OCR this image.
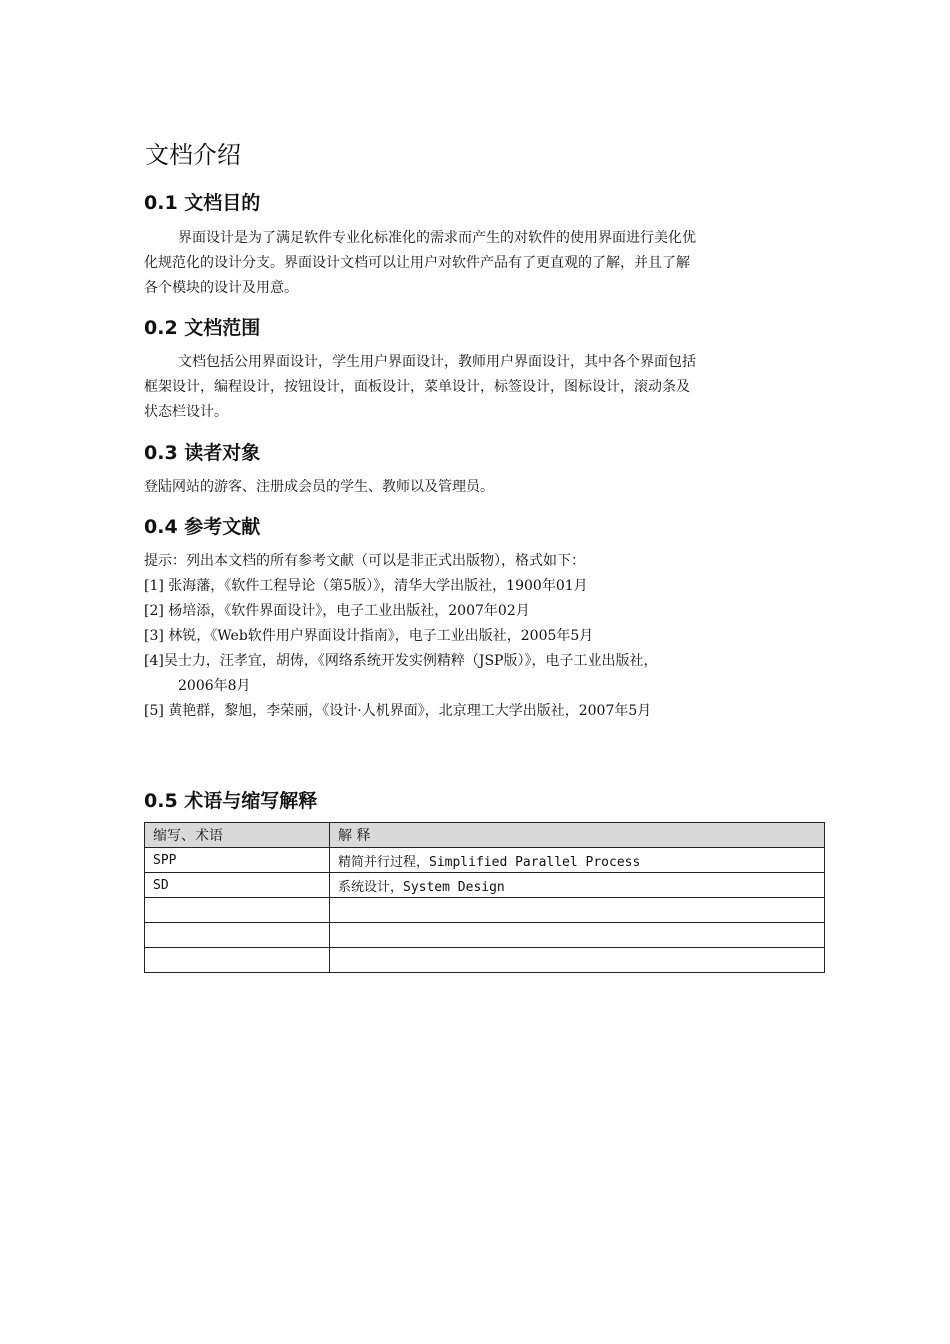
文档介绍
0.1 文档目的

界面设计是为了满足软件专业化标准化的需求而产生的对软件的使用界面进行美化优

化规范化的设计分支。界面设计文档可以让用户对软件产品有了更直观的了解，并且了解

各个模块的设计及用意。

0.2 文档范围

文档包括公用界面设计，学生用户界面设计，教师用户界面设计，其中各个界面包括

框架设计，编程设计，按钮设计，面板设计，菜单设计，标签设计，图标设计，滚动条及

状态栏设计。

0.3 读者对象

登陆网站的游客、注册成会员的学生、教师以及管理员。

0.4 参考文献

提示：列出本文档的所有参考文献（可以是非正式出版物），格式如下：

[1] 张海藩，《软件工程导论（第5版）》，清华大学出版社，1900年01月

[2] 杨培添，《软件界面设计》，电子工业出版社，2007年02月

[3] 林锐，《Web软件用户界面设计指南》，电子工业出版社，2005年5月

[4]吴士力，汪孝宜，胡俦，《网络系统开发实例精粹（JSP版）》，电子工业出版社，

2006年8月

[5] 黄艳群，黎旭，李荣丽，《设计·人机界面》，北京理工大学出版社，2007年5月

0.5 术语与缩写解释
缩写、术语	解 释
SPP	精简并行过程，Simplified Parallel Process
SD	系统设计，System Design
